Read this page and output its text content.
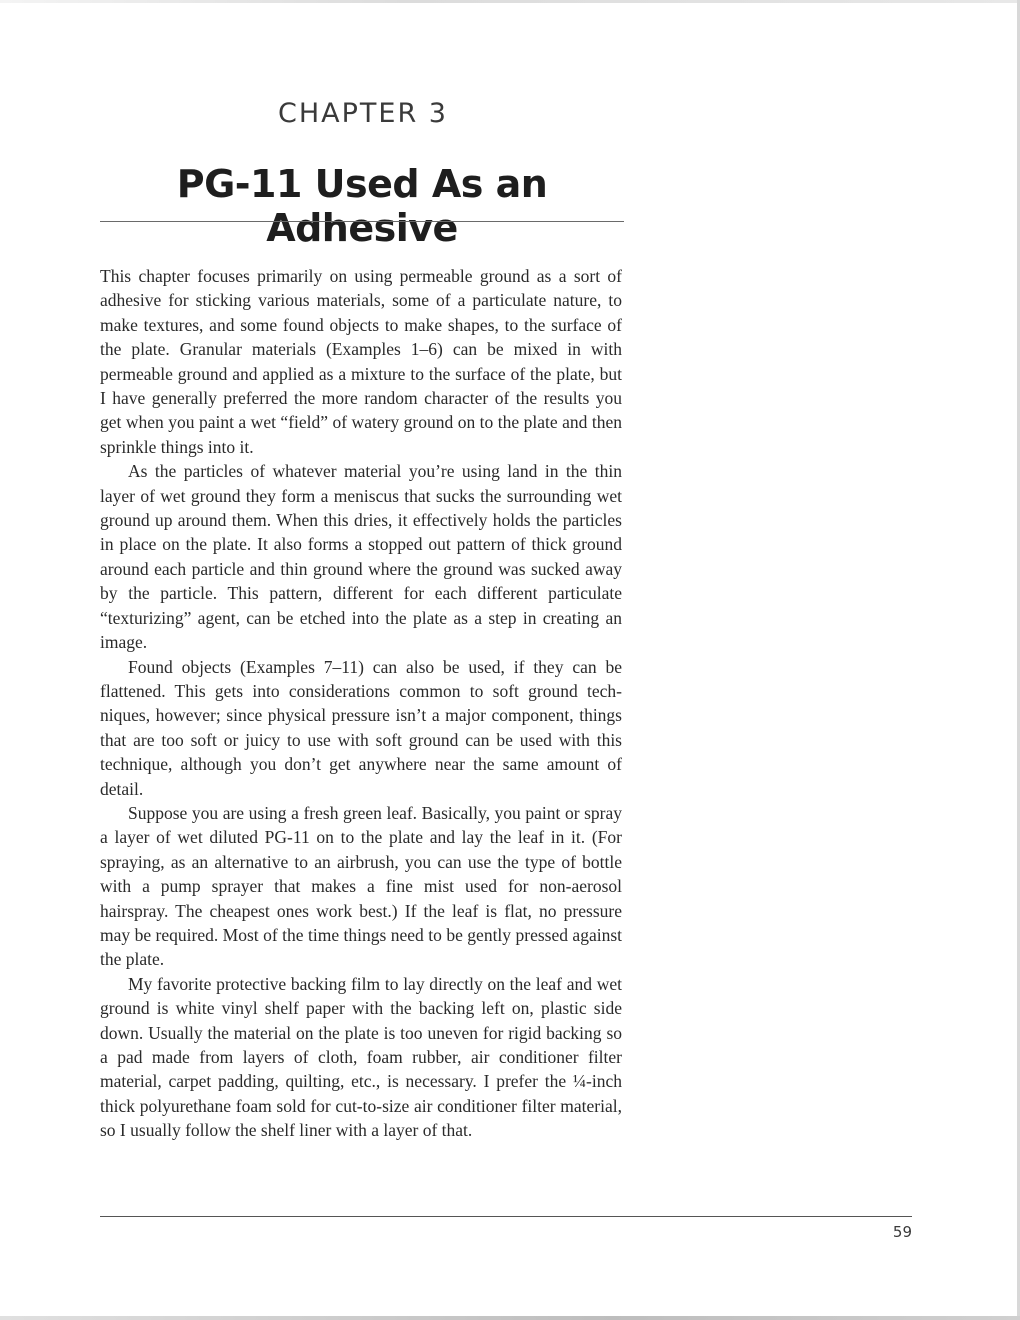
CHAPTER 3
PG-11 Used As an Adhesive

This chapter focuses primarily on using permeable ground as a sort of adhesive for sticking various materials, some of a particulate nature, to make textures, and some found objects to make shapes, to the surface of the plate. Granular materials (Examples 1–6) can be mixed in with permeable ground and applied as a mixture to the surface of the plate, but I have generally preferred the more random character of the results you get when you paint a wet “field” of watery ground on to the plate and then sprinkle things into it.

As the particles of whatever material you’re using land in the thin layer of wet ground they form a meniscus that sucks the surrounding wet ground up around them. When this dries, it effectively holds the particles in place on the plate. It also forms a stopped out pattern of thick ground around each particle and thin ground where the ground was sucked away by the particle. This pattern, different for each different particulate “texturizing” agent, can be etched into the plate as a step in creating an image.

Found objects (Examples 7–11) can also be used, if they can be flattened. This gets into considerations common to soft ground techniques, however; since physical pressure isn’t a major component, things that are too soft or juicy to use with soft ground can be used with this technique, although you don’t get anywhere near the same amount of detail.

Suppose you are using a fresh green leaf. Basically, you paint or spray a layer of wet diluted PG-11 on to the plate and lay the leaf in it. (For spraying, as an alternative to an airbrush, you can use the type of bottle with a pump sprayer that makes a fine mist used for non-aerosol hairspray. The cheapest ones work best.) If the leaf is flat, no pressure may be required. Most of the time things need to be gently pressed against the plate.

My favorite protective backing film to lay directly on the leaf and wet ground is white vinyl shelf paper with the backing left on, plastic side down. Usually the material on the plate is too uneven for rigid backing so a pad made from layers of cloth, foam rubber, air conditioner filter material, carpet padding, quilting, etc., is necessary. I prefer the ¼-inch thick polyurethane foam sold for cut-to-size air conditioner filter material, so I usually follow the shelf liner with a layer of that.

59
